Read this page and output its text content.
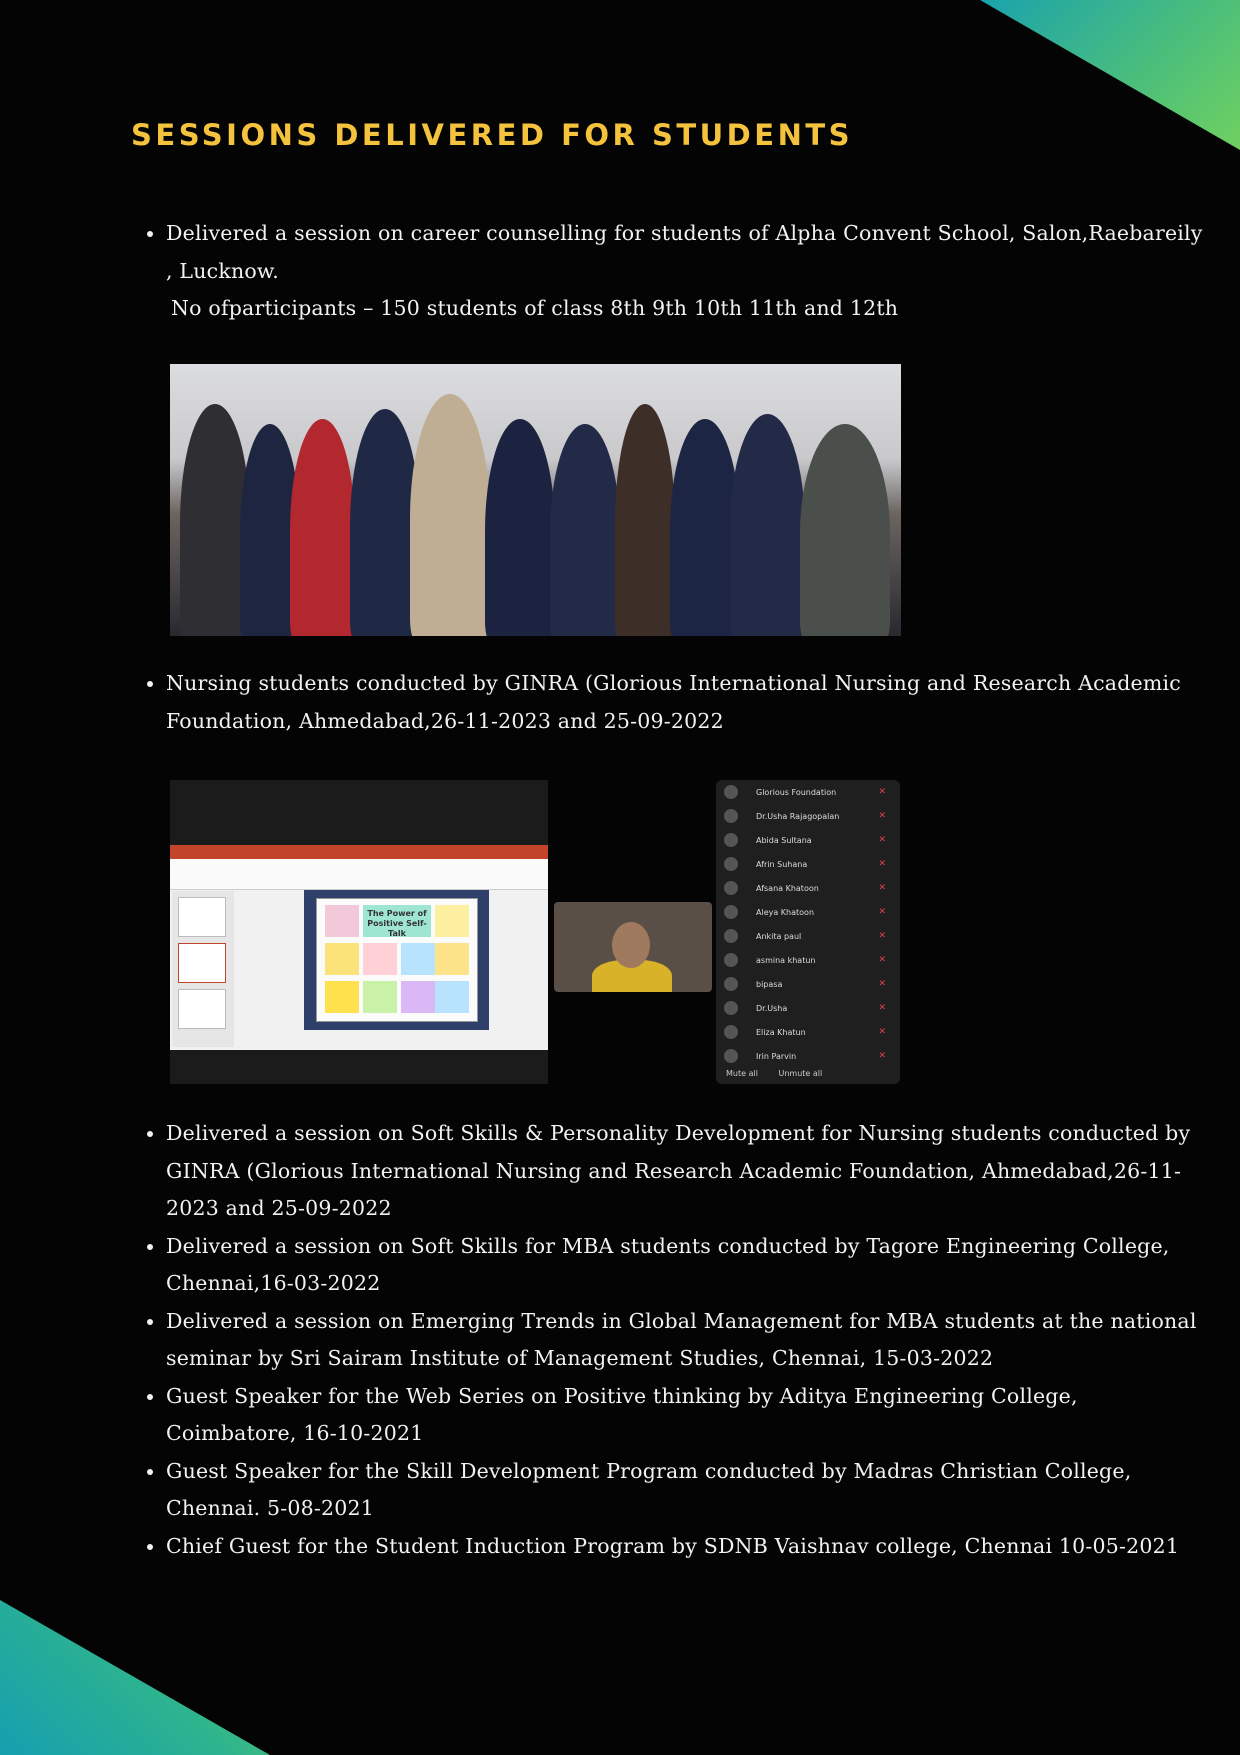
SESSIONS DELIVERED FOR STUDENTS
• Delivered a session on career counselling for students of Alpha Convent School, Salon,Raebareily , Lucknow.
No ofparticipants – 150 students of class 8th 9th 10th 11th and 12th
• Nursing students conducted by GINRA (Glorious International Nursing and Research Academic Foundation, Ahmedabad,26-11-2023 and 25-09-2022
The Power of Positive Self-Talk
Glorious Foundation	✕
Dr.Usha Rajagopalan	✕
Abida Sultana	✕
Afrin Suhana	✕
Afsana Khatoon	✕
Aleya Khatoon	✕
Ankita paul	✕
asmina khatun	✕
bipasa	✕
Dr.Usha	✕
Eliza Khatun	✕
Irin Parvin	✕
Mute all	Unmute all
• Delivered a session on Soft Skills & Personality Development for Nursing students conducted by GINRA (Glorious International Nursing and Research Academic Foundation, Ahmedabad,26-11-2023 and 25-09-2022
• Delivered a session on Soft Skills for MBA students conducted by Tagore Engineering College, Chennai,16-03-2022
• Delivered a session on Emerging Trends in Global Management for MBA students at the national seminar by Sri Sairam Institute of Management Studies, Chennai, 15-03-2022
• Guest Speaker for the Web Series on Positive thinking by Aditya Engineering College, Coimbatore, 16-10-2021
• Guest Speaker for the Skill Development Program conducted by Madras Christian College, Chennai. 5-08-2021
• Chief Guest for the Student Induction Program by SDNB Vaishnav college, Chennai 10-05-2021
